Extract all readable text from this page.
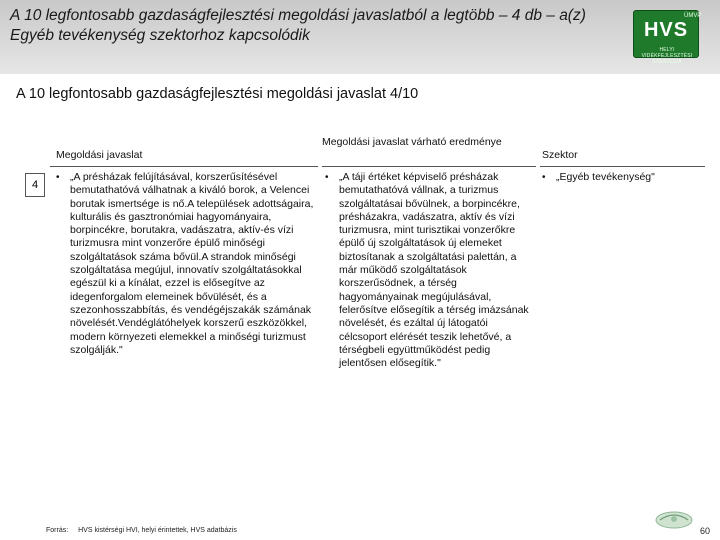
A 10 legfontosabb gazdaságfejlesztési megoldási javaslatból a legtöbb – 4 db – a(z) Egyéb tevékenység szektorhoz kapcsolódik
ÚMVP
HVS
HELYI VIDÉKFEJLESZTÉSI STRATÉGIA
A 10 legfontosabb gazdaságfejlesztési megoldási javaslat 4/10
Megoldási javaslat
Megoldási javaslat várható eredménye
Szektor
4
• „A présházak felújításával, korszerűsítésével bemutathatóvá válhatnak a kiváló borok, a Velencei borutak ismertsége is nő.A települések adottságaira, kulturális és gasztronómiai hagyományaira, borpincékre, borutakra, vadászatra, aktív-és vízi turizmusra mint vonzerőre épülő minőségi szolgáltatások száma bővül.A strandok minőségi szolgáltatása megújul, innovatív szolgáltatásokkal egészül ki a kínálat, ezzel is elősegítve az idegenforgalom elemeinek bővülését, és a szezonhosszabbítás, és vendégéjszakák számának növelését.Vendéglátóhelyek korszerű eszközökkel, modern környezeti elemekkel a minőségi turizmust szolgálják."
• „A táji értéket képviselő présházak bemutathatóvá vállnak, a turizmus szolgáltatásai bővülnek, a borpincékre, présházakra, vadászatra, aktív és vízi turizmusra, mint turisztikai vonzerőkre épülő új szolgáltatások új elemeket biztosítanak a szolgáltatási palettán, a már működő szolgáltatások korszerűsödnek, a térség hagyományainak megújulásával, felerősítve elősegítik a térség imázsának növelését, és ezáltal új látogatói célcsoport elérését teszik lehetővé, a térségbeli együttműködést pedig jelentősen elősegítik."
• „Egyéb tevékenység"
Forrás: HVS kistérségi HVI, helyi érintettek, HVS adatbázis	60
